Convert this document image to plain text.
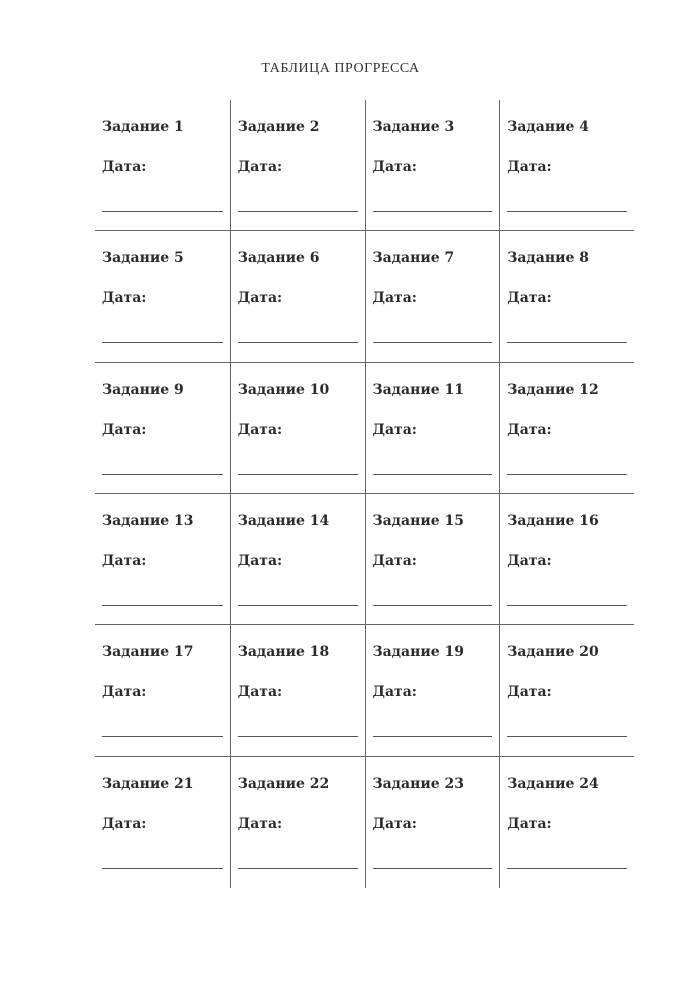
ТАБЛИЦА ПРОГРЕССА
Задание 1
Дата:
Задание 2
Дата:
Задание 3
Дата:
Задание 4
Дата:
Задание 5
Дата:
Задание 6
Дата:
Задание 7
Дата:
Задание 8
Дата:
Задание 9
Дата:
Задание 10
Дата:
Задание 11
Дата:
Задание 12
Дата:
Задание 13
Дата:
Задание 14
Дата:
Задание 15
Дата:
Задание 16
Дата:
Задание 17
Дата:
Задание 18
Дата:
Задание 19
Дата:
Задание 20
Дата:
Задание 21
Дата:
Задание 22
Дата:
Задание 23
Дата:
Задание 24
Дата:
